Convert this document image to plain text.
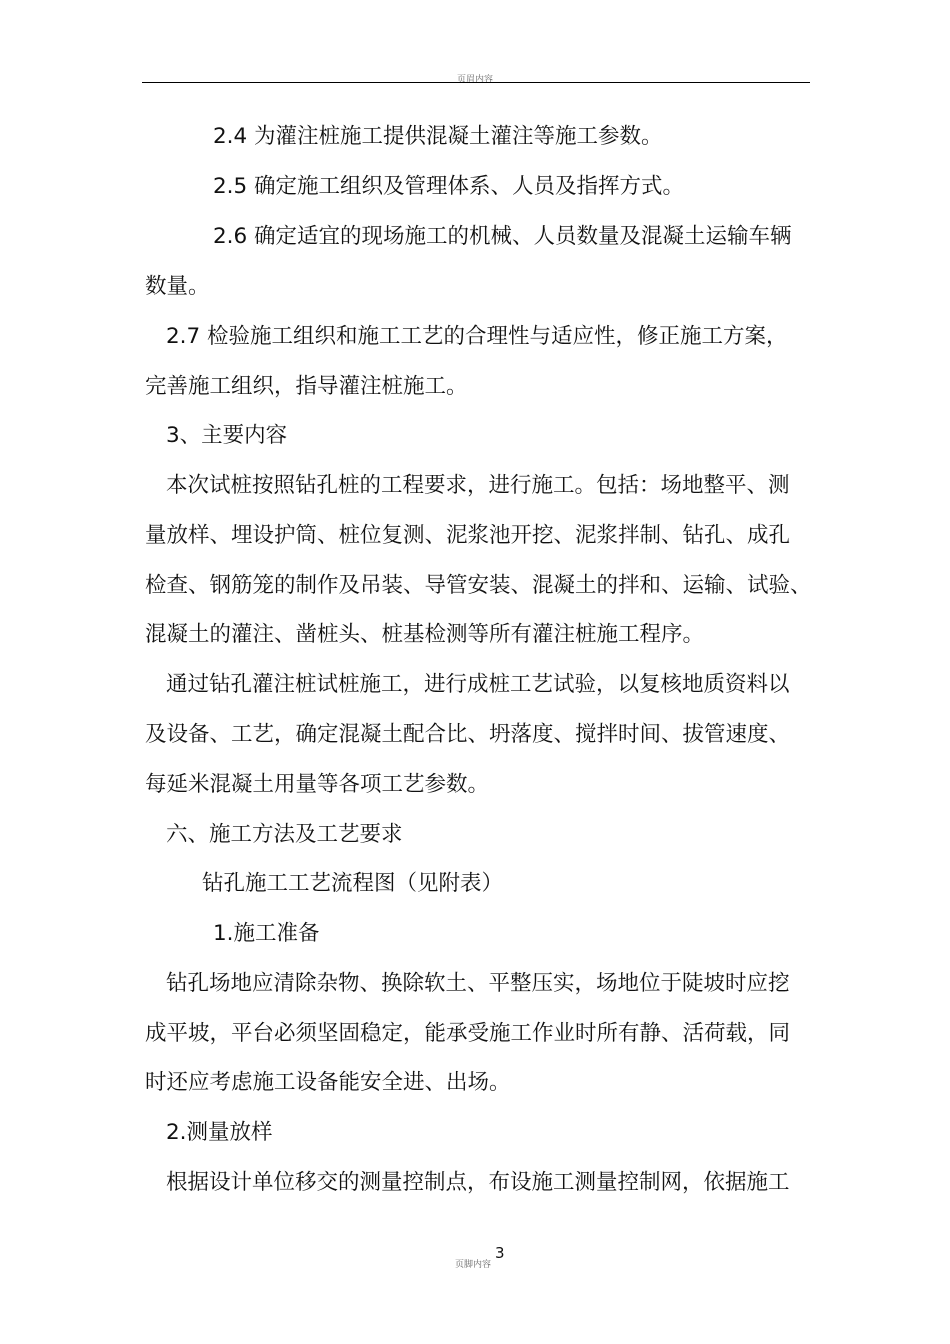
页眉内容
2.4 为灌注桩施工提供混凝土灌注等施工参数。
2.5 确定施工组织及管理体系、人员及指挥方式。
2.6 确定适宜的现场施工的机械、人员数量及混凝土运输车辆
数量。
2.7 检验施工组织和施工工艺的合理性与适应性，修正施工方案，
完善施工组织，指导灌注桩施工。
3、主要内容
本次试桩按照钻孔桩的工程要求，进行施工。包括：场地整平、测
量放样、埋设护筒、桩位复测、泥浆池开挖、泥浆拌制、钻孔、成孔
检查、钢筋笼的制作及吊装、导管安装、混凝土的拌和、运输、试验、
混凝土的灌注、凿桩头、桩基检测等所有灌注桩施工程序。
通过钻孔灌注桩试桩施工，进行成桩工艺试验，以复核地质资料以
及设备、工艺，确定混凝土配合比、坍落度、搅拌时间、拔管速度、
每延米混凝土用量等各项工艺参数。
六、施工方法及工艺要求
钻孔施工工艺流程图（见附表）
1.施工准备
钻孔场地应清除杂物、换除软土、平整压实，场地位于陡坡时应挖
成平坡，平台必须坚固稳定，能承受施工作业时所有静、活荷载，同
时还应考虑施工设备能安全进、出场。
2.测量放样
根据设计单位移交的测量控制点，布设施工测量控制网，依据施工
页脚内容
3
